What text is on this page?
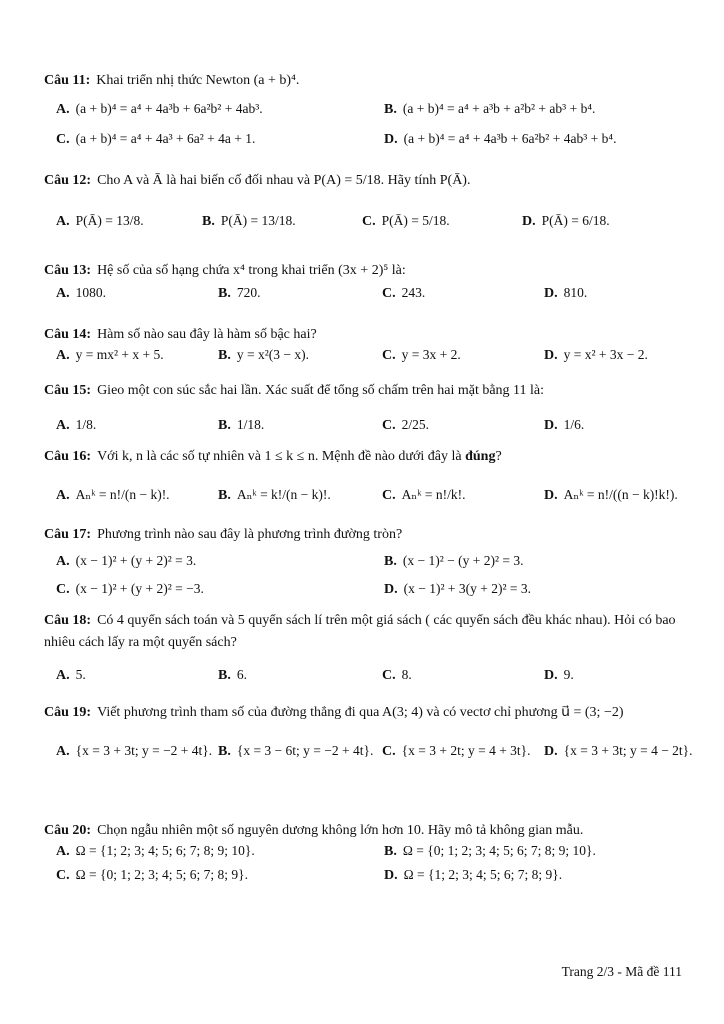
Câu 11: Khai triển nhị thức Newton (a + b)⁴.
A. (a + b)⁴ = a⁴ + 4a³b + 6a²b² + 4ab³.	B. (a + b)⁴ = a⁴ + a³b + a²b² + ab³ + b⁴.
C. (a + b)⁴ = a⁴ + 4a³ + 6a² + 4a + 1.	D. (a + b)⁴ = a⁴ + 4a³b + 6a²b² + 4ab³ + b⁴.
Câu 12: Cho A và Ā là hai biến cố đối nhau và P(A) = 5/18. Hãy tính P(Ā).
A. P(Ā) = 13/8.	B. P(Ā) = 13/18.	C. P(Ā) = 5/18.	D. P(Ā) = 6/18.
Câu 13: Hệ số của số hạng chứa x⁴ trong khai triển (3x + 2)⁵ là:
A. 1080.	B. 720.	C. 243.	D. 810.
Câu 14: Hàm số nào sau đây là hàm số bậc hai?
A. y = mx² + x + 5.	B. y = x²(3 − x).	C. y = 3x + 2.	D. y = x² + 3x − 2.
Câu 15: Gieo một con súc sắc hai lần. Xác suất để tổng số chấm trên hai mặt bằng 11 là:
A. 1/8.	B. 1/18.	C. 2/25.	D. 1/6.
Câu 16: Với k, n là các số tự nhiên và 1 ≤ k ≤ n. Mệnh đề nào dưới đây là đúng?
A. Aₙᵏ = n!/(n − k)!.	B. Aₙᵏ = k!/(n − k)!.	C. Aₙᵏ = n!/k!.	D. Aₙᵏ = n!/((n − k)!k!).
Câu 17: Phương trình nào sau đây là phương trình đường tròn?
A. (x − 1)² + (y + 2)² = 3.	B. (x − 1)² − (y + 2)² = 3.
C. (x − 1)² + (y + 2)² = −3.	D. (x − 1)² + 3(y + 2)² = 3.
Câu 18: Có 4 quyển sách toán và 5 quyển sách lí trên một giá sách ( các quyển sách đều khác nhau). Hỏi có bao nhiêu cách lấy ra một quyển sách?
A. 5.	B. 6.	C. 8.	D. 9.
Câu 19: Viết phương trình tham số của đường thẳng đi qua A(3; 4) và có vectơ chỉ phương u⃗ = (3; −2)
A. {x = 3 + 3t; y = −2 + 4t}. B. {x = 3 − 6t; y = −2 + 4t}. C. {x = 3 + 2t; y = 4 + 3t}. D. {x = 3 + 3t; y = 4 − 2t}.
Câu 20: Chọn ngẫu nhiên một số nguyên dương không lớn hơn 10. Hãy mô tả không gian mẫu.
A. Ω = {1; 2; 3; 4; 5; 6; 7; 8; 9; 10}.	B. Ω = {0; 1; 2; 3; 4; 5; 6; 7; 8; 9; 10}.
C. Ω = {0; 1; 2; 3; 4; 5; 6; 7; 8; 9}.	D. Ω = {1; 2; 3; 4; 5; 6; 7; 8; 9}.
Trang 2/3 - Mã đề 111
